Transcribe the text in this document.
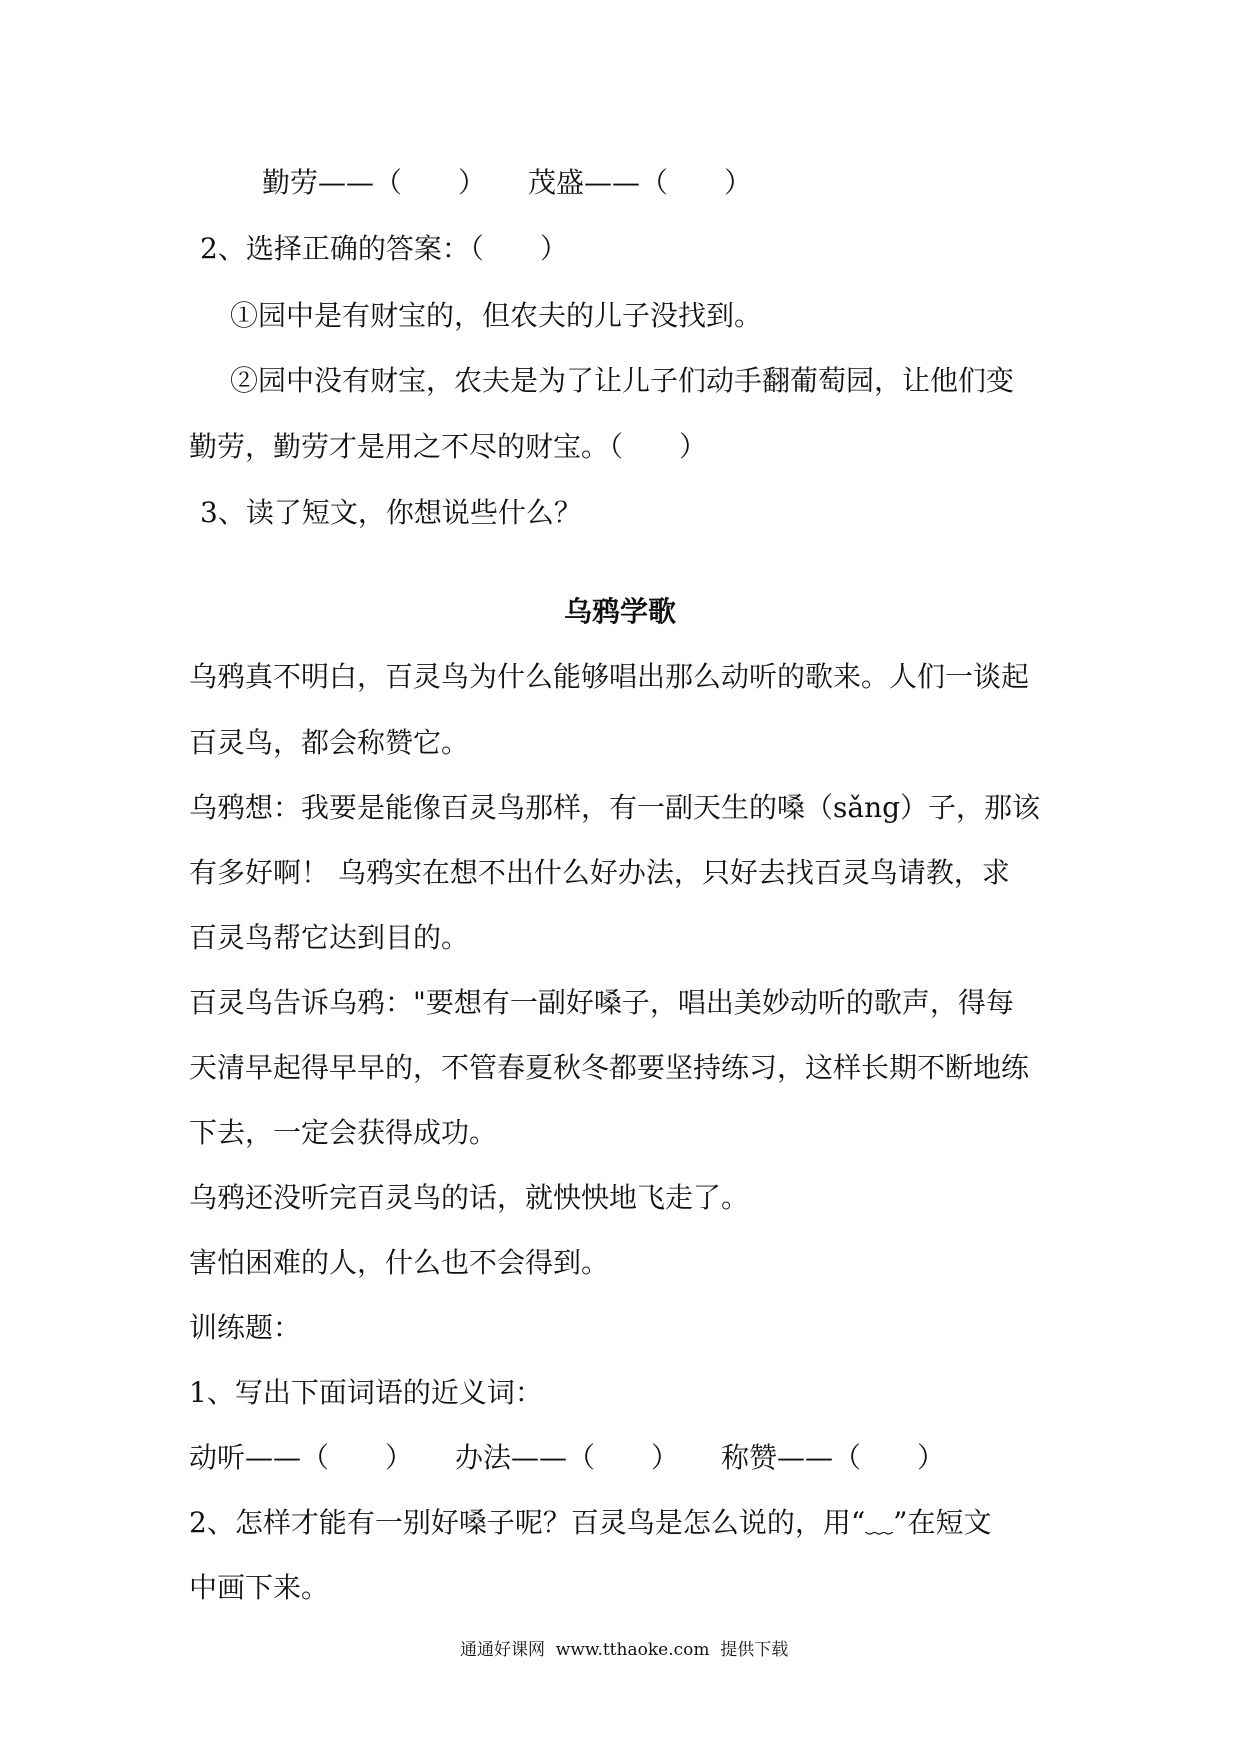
勤劳——（　　）　　茂盛——（　　）
2、选择正确的答案：（　　）
①园中是有财宝的，但农夫的儿子没找到。
②园中没有财宝，农夫是为了让儿子们动手翻葡萄园，让他们变
勤劳，勤劳才是用之不尽的财宝。（　　）
3、读了短文，你想说些什么？
乌鸦学歌
乌鸦真不明白，百灵鸟为什么能够唱出那么动听的歌来。人们一谈起
百灵鸟，都会称赞它。
乌鸦想：我要是能像百灵鸟那样，有一副天生的嗓（sǎng）子，那该
有多好啊！ 乌鸦实在想不出什么好办法，只好去找百灵鸟请教，求
百灵鸟帮它达到目的。
百灵鸟告诉乌鸦："要想有一副好嗓子，唱出美妙动听的歌声，得每
天清早起得早早的，不管春夏秋冬都要坚持练习，这样长期不断地练
下去，一定会获得成功。
乌鸦还没听完百灵鸟的话，就怏怏地飞走了。
害怕困难的人，什么也不会得到。
训练题：
1、写出下面词语的近义词：
动听——（　　）　　办法——（　　）　　称赞——（　　）
2、怎样才能有一别好嗓子呢？百灵鸟是怎么说的，用“﹏”在短文
中画下来。
通通好课网  www.tthaoke.com  提供下载
